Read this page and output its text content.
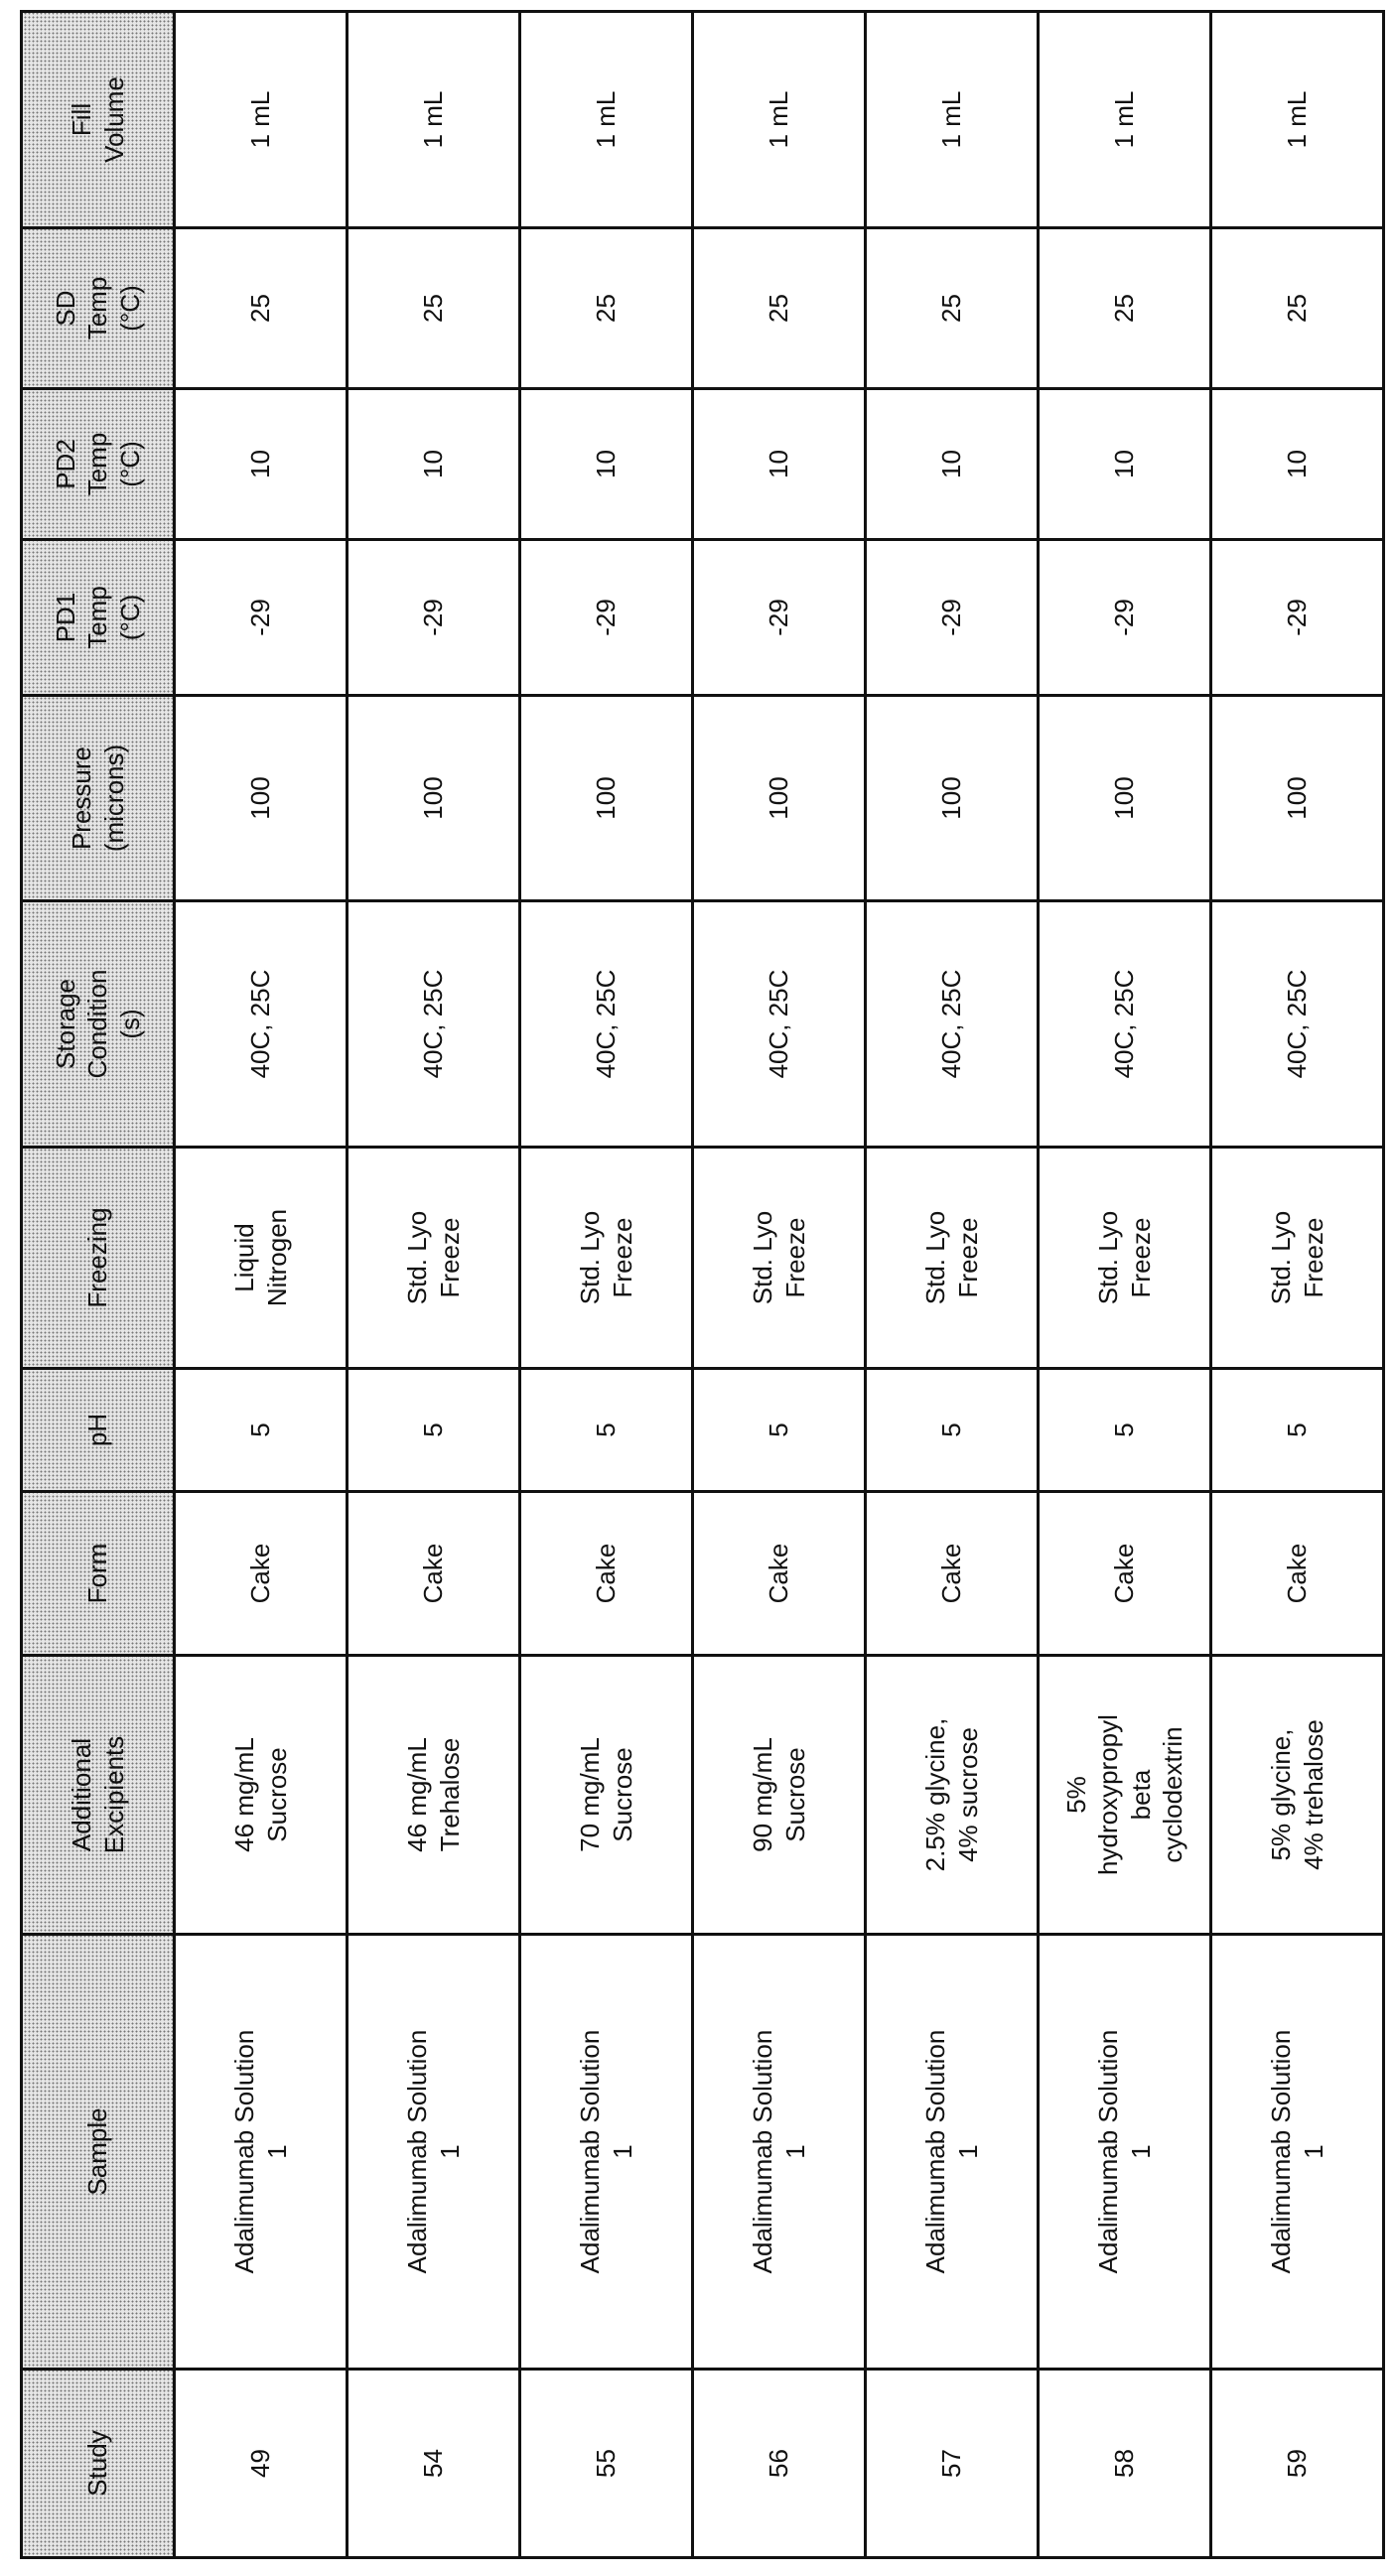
Study	Sample	Additional
Excipients	Form	pH	Freezing	Storage
Condition
(s)	Pressure
(microns)	PD1
Temp
(°C)	PD2
Temp
(°C)	SD
Temp
(°C)	Fill
Volume
49	Adalimumab Solution
1	46 mg/mL
Sucrose	Cake	5	Liquid
Nitrogen	40C, 25C	100	-29	10	25	1 mL
54	Adalimumab Solution
1	46 mg/mL
Trehalose	Cake	5	Std. Lyo
Freeze	40C, 25C	100	-29	10	25	1 mL
55	Adalimumab Solution
1	70 mg/mL
Sucrose	Cake	5	Std. Lyo
Freeze	40C, 25C	100	-29	10	25	1 mL
56	Adalimumab Solution
1	90 mg/mL
Sucrose	Cake	5	Std. Lyo
Freeze	40C, 25C	100	-29	10	25	1 mL
57	Adalimumab Solution
1	2.5% glycine,
4% sucrose	Cake	5	Std. Lyo
Freeze	40C, 25C	100	-29	10	25	1 mL
58	Adalimumab Solution
1	5%
hydroxypropyl
beta
cyclodextrin	Cake	5	Std. Lyo
Freeze	40C, 25C	100	-29	10	25	1 mL
59	Adalimumab Solution
1	5% glycine,
4% trehalose	Cake	5	Std. Lyo
Freeze	40C, 25C	100	-29	10	25	1 mL
